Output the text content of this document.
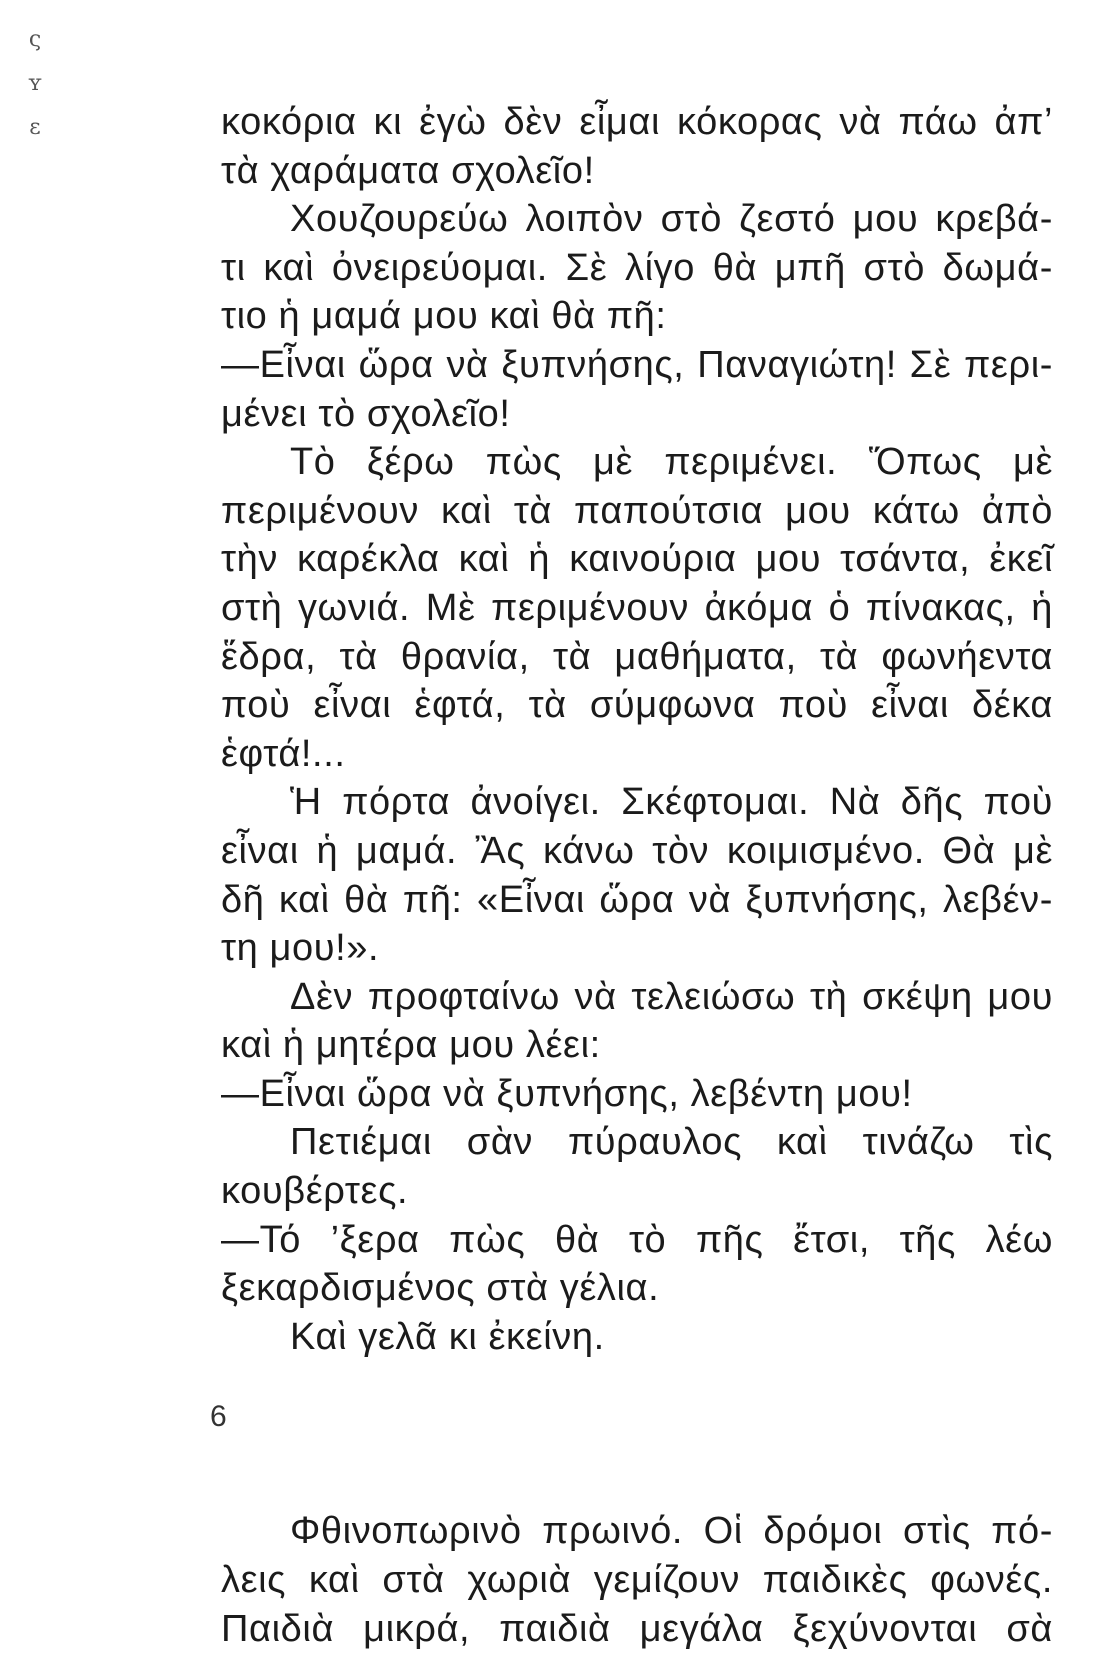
ς
ʏ
ɛ	κοκόρια κι ἐγὼ δὲν εἶμαι κόκορας νὰ πάω ἀπ’
τὰ χαράματα σχολεῖο!
Χουζουρεύω λοιπὸν στὸ ζεστό μου κρεβά-
τι καὶ ὀνειρεύομαι. Σὲ λίγο θὰ μπῆ στὸ δωμά-
τιο ἡ μαμά μου καὶ θὰ πῆ:
—Εἶναι ὥρα νὰ ξυπνήσης, Παναγιώτη! Σὲ περι-
μένει τὸ σχολεῖο!
Τὸ ξέρω πὼς μὲ περιμένει. Ὅπως μὲ
περιμένουν καὶ τὰ παπούτσια μου κάτω ἀπὸ
τὴν καρέκλα καὶ ἡ καινούρια μου τσάντα, ἐκεῖ
στὴ γωνιά. Μὲ περιμένουν ἀκόμα ὁ πίνακας, ἡ
ἕδρα, τὰ θρανία, τὰ μαθήματα, τὰ φωνήεντα
ποὺ εἶναι ἑφτά, τὰ σύμφωνα ποὺ εἶναι δέκα
ἑφτά!...
Ἡ πόρτα ἀνοίγει. Σκέφτομαι. Νὰ δῆς ποὺ
εἶναι ἡ μαμά. Ἂς κάνω τὸν κοιμισμένο. Θὰ μὲ
δῆ καὶ θὰ πῆ: «Εἶναι ὥρα νὰ ξυπνήσης, λεβέν-
τη μου!».
Δὲν προφταίνω νὰ τελειώσω τὴ σκέψη μου
καὶ ἡ μητέρα μου λέει:
—Εἶναι ὥρα νὰ ξυπνήσης, λεβέντη μου!
Πετιέμαι σὰν πύραυλος καὶ τινάζω τὶς
κουβέρτες.
—Τό ’ξερα πὼς θὰ τὸ πῆς ἔτσι, τῆς λέω
ξεκαρδισμένος στὰ γέλια.
Καὶ γελᾶ κι ἐκείνη.
Φθινοπωρινὸ πρωινό. Οἱ δρόμοι στὶς πό-
λεις καὶ στὰ χωριὰ γεμίζουν παιδικὲς φωνές.
Παιδιὰ μικρά, παιδιὰ μεγάλα ξεχύνονται σὰ
6
